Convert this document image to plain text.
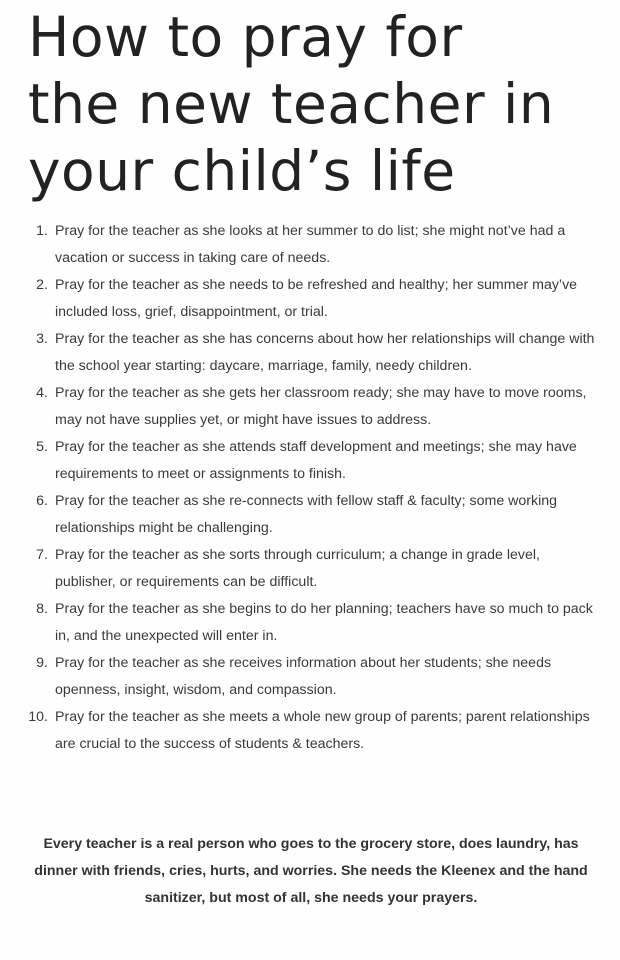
How to pray for
the new teacher in
your child’s life
1. Pray for the teacher as she looks at her summer to do list; she might not’ve had a vacation or success in taking care of needs.
2. Pray for the teacher as she needs to be refreshed and healthy; her summer may’ve included loss, grief, disappointment, or trial.
3. Pray for the teacher as she has concerns about how her relationships will change with the school year starting: daycare, marriage, family, needy children.
4. Pray for the teacher as she gets her classroom ready; she may have to move rooms, may not have supplies yet, or might have issues to address.
5. Pray for the teacher as she attends staff development and meetings; she may have requirements to meet or assignments to finish.
6. Pray for the teacher as she re-connects with fellow staff & faculty; some working relationships might be challenging.
7. Pray for the teacher as she sorts through curriculum; a change in grade level, publisher, or requirements can be difficult.
8. Pray for the teacher as she begins to do her planning; teachers have so much to pack in, and the unexpected will enter in.
9. Pray for the teacher as she receives information about her students; she needs openness, insight, wisdom, and compassion.
10. Pray for the teacher as she meets a whole new group of parents; parent relationships are crucial to the success of students & teachers.

Every teacher is a real person who goes to the grocery store, does laundry, has dinner with friends, cries, hurts, and worries. She needs the Kleenex and the hand sanitizer, but most of all, she needs your prayers.
